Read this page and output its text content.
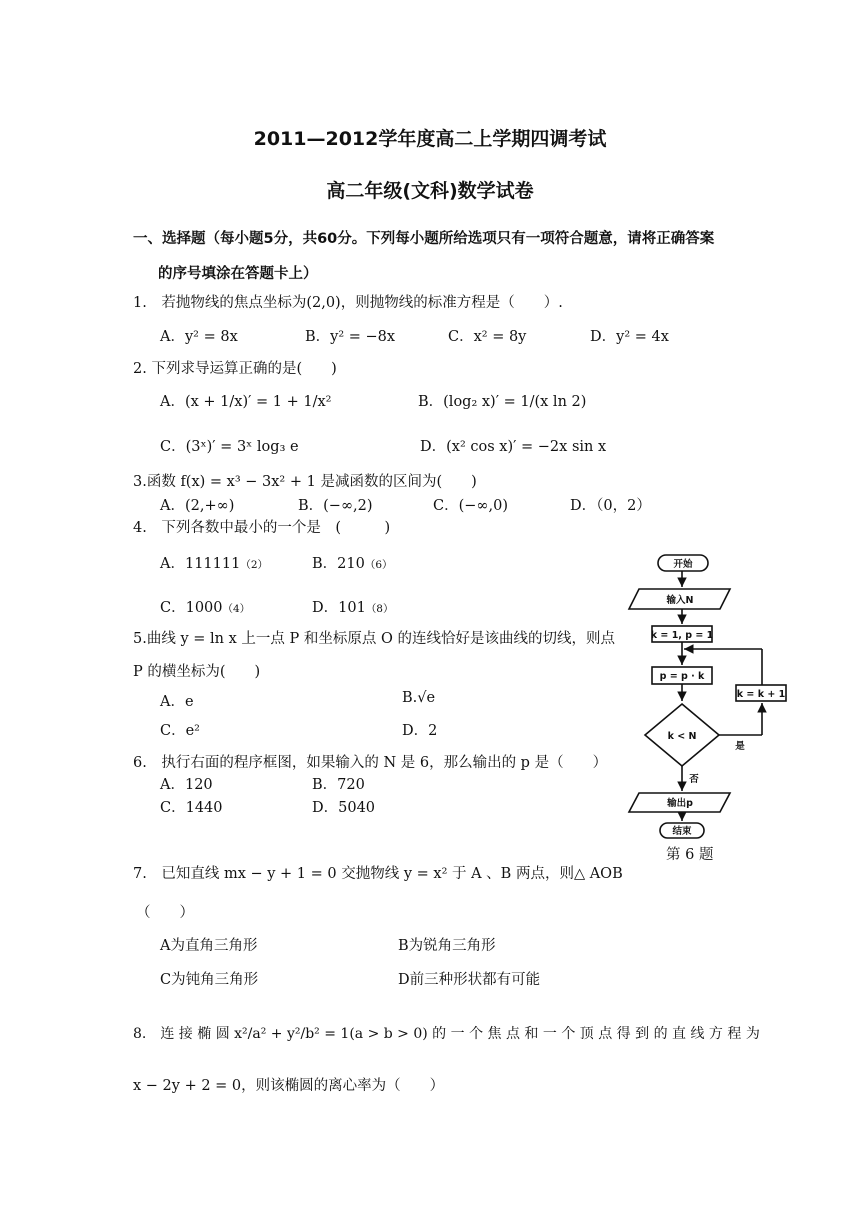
2011—2012学年度高二上学期四调考试
高二年级(文科)数学试卷
一、选择题（每小题5分，共60分。下列每小题所给选项只有一项符合题意，请将正确答案
的序号填涂在答题卡上）
1.　若抛物线的焦点坐标为(2,0)，则抛物线的标准方程是（　　）.
A．y² = 8x	B．y² = −8x	C．x² = 8y	D．y² = 4x
2. 下列求导运算正确的是(　　)
A．(x + 1/x)′ = 1 + 1/x²	B．(log₂ x)′ = 1/(x ln 2)
C．(3ˣ)′ = 3ˣ log₃ e	D．(x² cos x)′ = −2x sin x
3.函数 f(x) = x³ − 3x² + 1 是减函数的区间为(　　)
A．(2,+∞)	B．(−∞,2)	C．(−∞,0)	D．（0，2）
4.　下列各数中最小的一个是　(　　　)
A．111111（2）	B．210（6）
C．1000（4）	D．101（8）
5.曲线 y = ln x 上一点 P 和坐标原点 O 的连线恰好是该曲线的切线，则点
P 的横坐标为(　　)
A．e	B.√e
C．e²	D．2
6.　执行右面的程序框图，如果输入的 N 是 6，那么输出的 p 是（　　）
A．120	B．720
C．1440	D．5040
开始
输入N
k = 1, p = 1
p = p · k
k = k + 1
k < N
是
否
输出p
结束
第 6 题
7.　已知直线 mx − y + 1 = 0 交抛物线 y = x² 于 A 、B 两点，则△ AOB
（　　）
A为直角三角形	B为锐角三角形
C为钝角三角形	D前三种形状都有可能
8.　连 接 椭 圆 x²/a² + y²/b² = 1(a > b > 0) 的 一 个 焦 点 和 一 个 顶 点 得 到 的 直 线 方 程 为
x − 2y + 2 = 0，则该椭圆的离心率为（　　）
